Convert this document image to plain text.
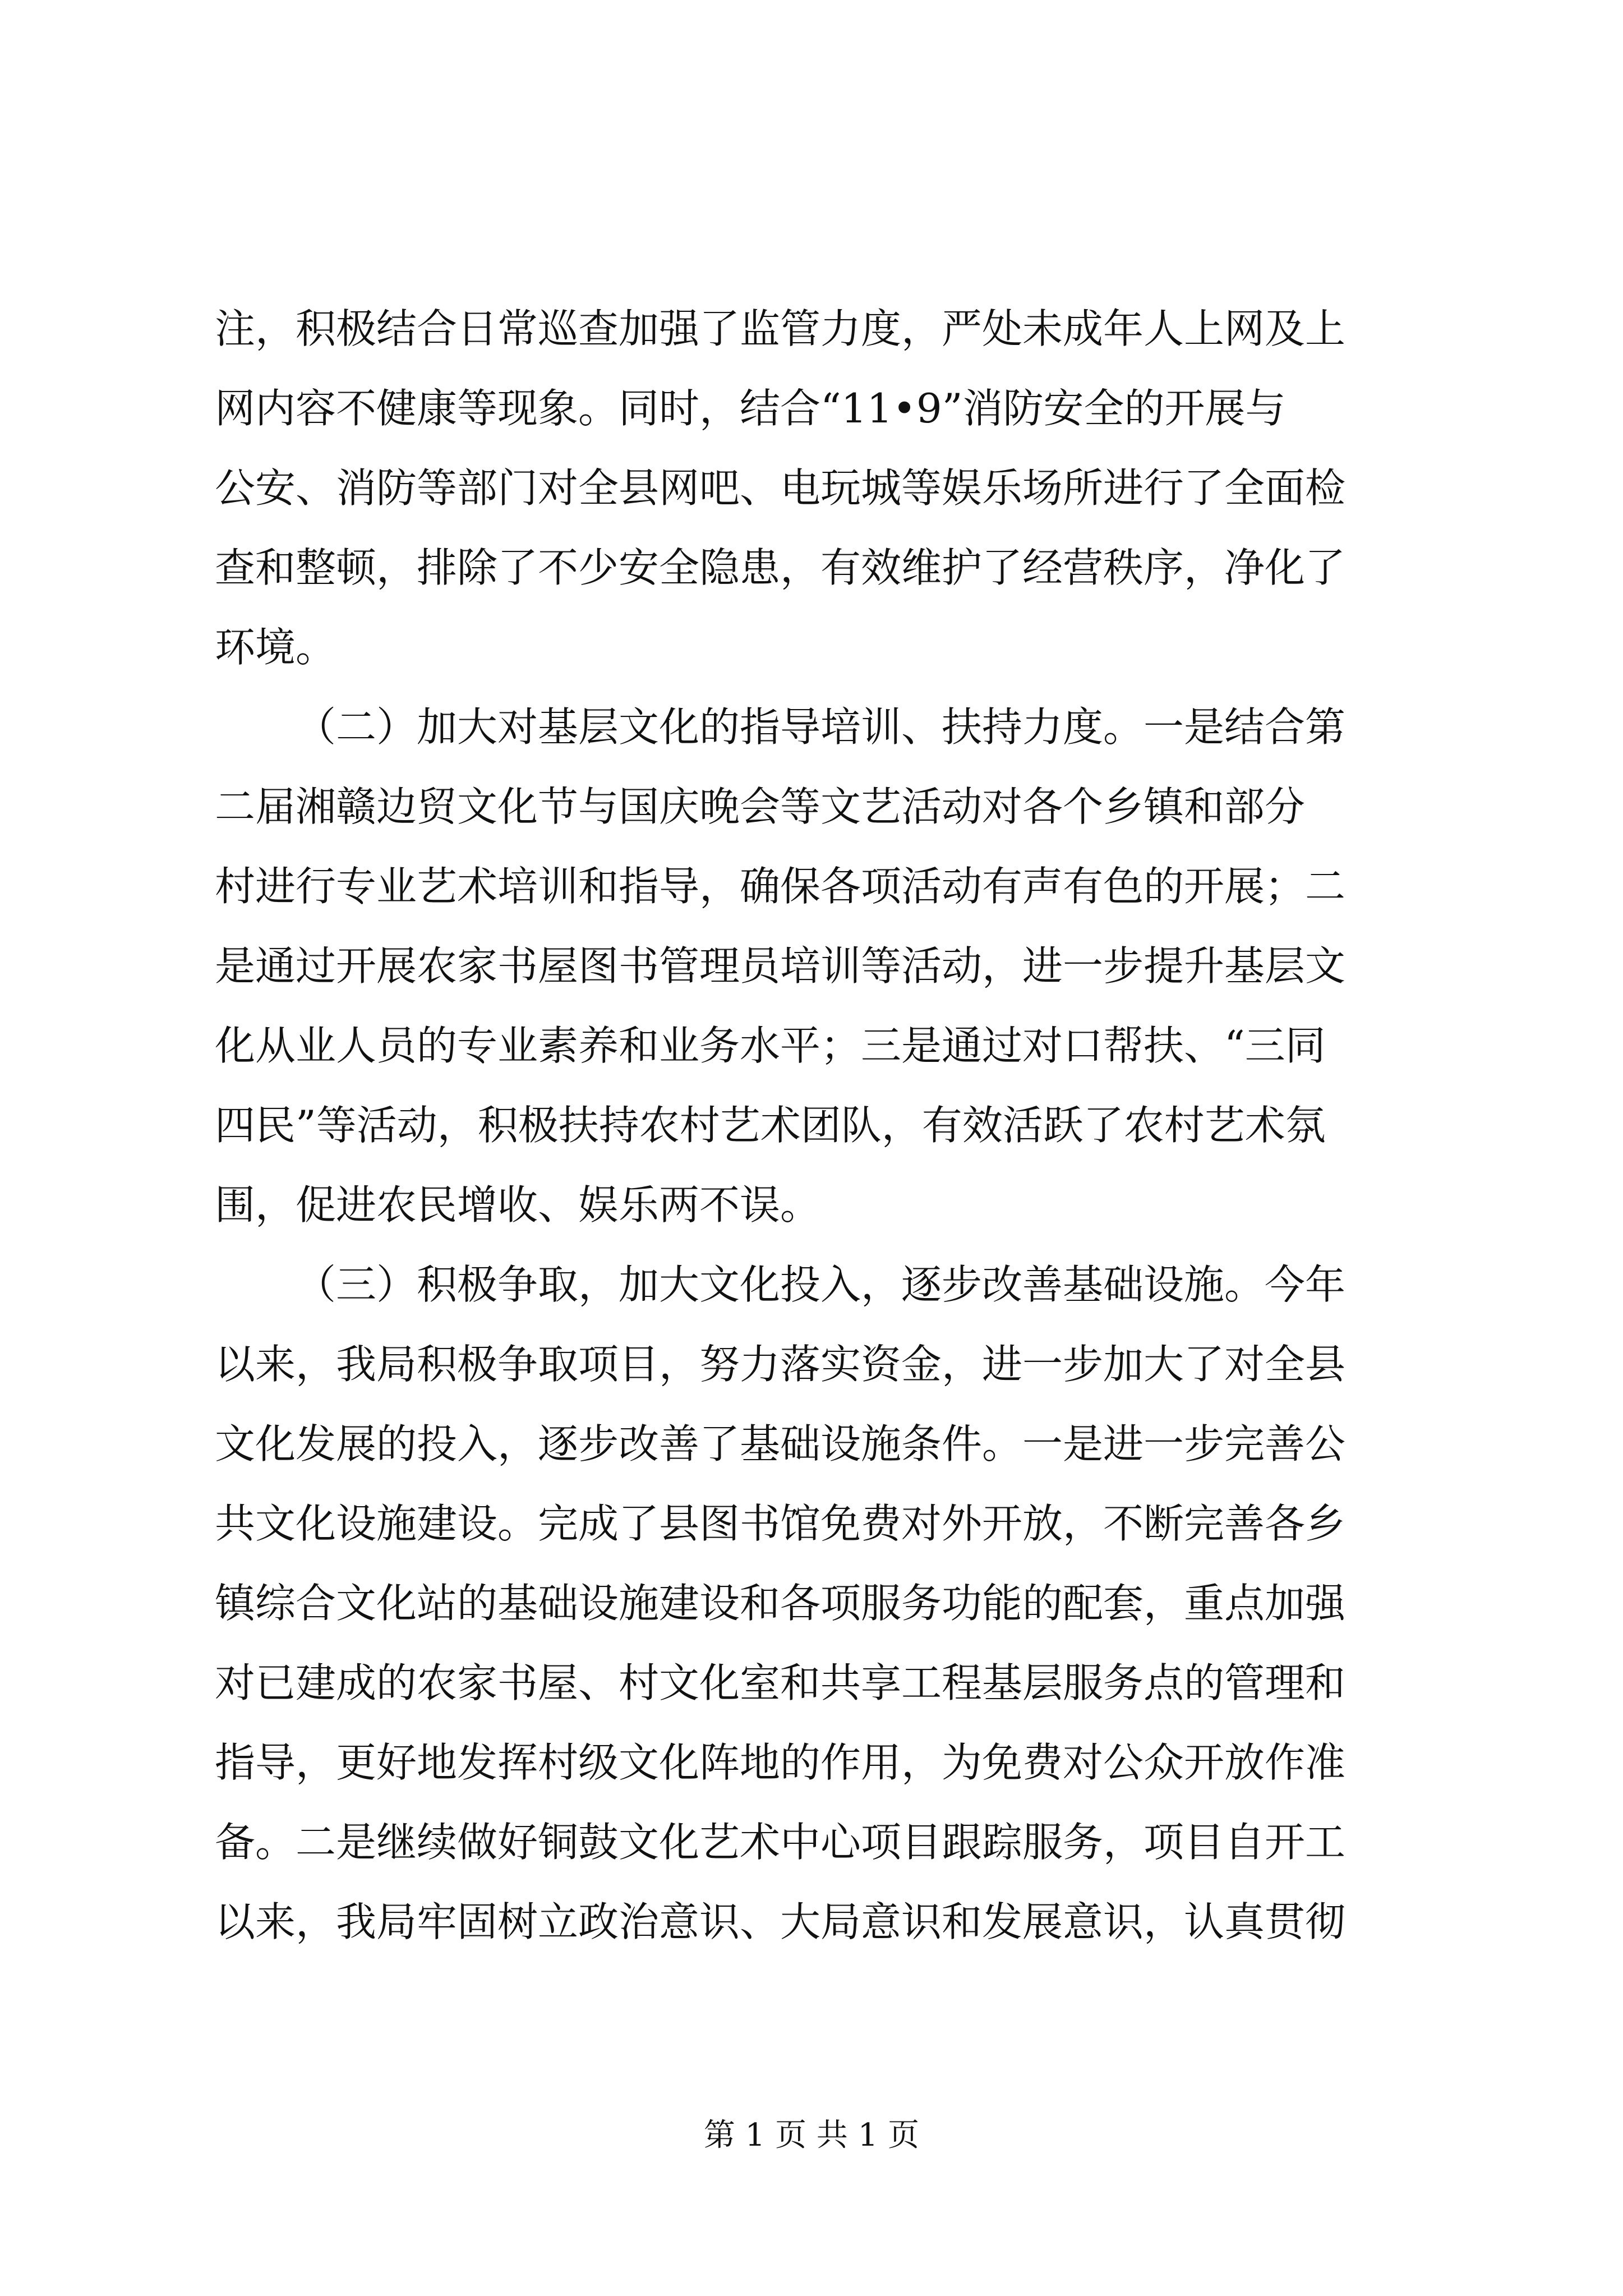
注，积极结合日常巡查加强了监管力度，严处未成年人上网及上
网内容不健康等现象。同时，结合“11•9”消防安全的开展与
公安、消防等部门对全县网吧、电玩城等娱乐场所进行了全面检
查和整顿，排除了不少安全隐患，有效维护了经营秩序，净化了
环境。
（二）加大对基层文化的指导培训、扶持力度。一是结合第
二届湘赣边贸文化节与国庆晚会等文艺活动对各个乡镇和部分
村进行专业艺术培训和指导，确保各项活动有声有色的开展；二
是通过开展农家书屋图书管理员培训等活动，进一步提升基层文
化从业人员的专业素养和业务水平；三是通过对口帮扶、“三同
四民”等活动，积极扶持农村艺术团队，有效活跃了农村艺术氛
围，促进农民增收、娱乐两不误。
（三）积极争取，加大文化投入，逐步改善基础设施。今年
以来，我局积极争取项目，努力落实资金，进一步加大了对全县
文化发展的投入，逐步改善了基础设施条件。一是进一步完善公
共文化设施建设。完成了县图书馆免费对外开放，不断完善各乡
镇综合文化站的基础设施建设和各项服务功能的配套，重点加强
对已建成的农家书屋、村文化室和共享工程基层服务点的管理和
指导，更好地发挥村级文化阵地的作用，为免费对公众开放作准
备。二是继续做好铜鼓文化艺术中心项目跟踪服务，项目自开工
以来，我局牢固树立政治意识、大局意识和发展意识，认真贯彻
第 1 页 共 1 页
